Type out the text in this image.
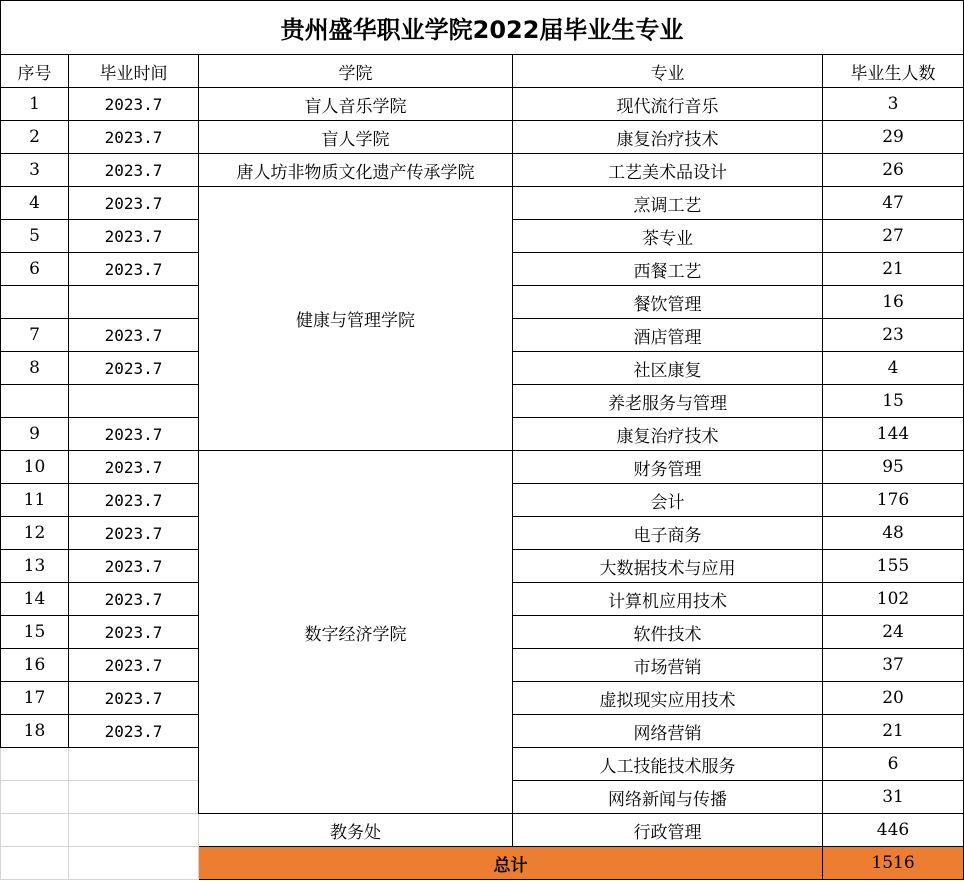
贵州盛华职业学院2022届毕业生专业				
序号	毕业时间	学院	专业	毕业生人数
1	2023.7	盲人音乐学院	现代流行音乐	3
2	2023.7	盲人学院	康复治疗技术	29
3	2023.7	唐人坊非物质文化遗产传承学院	工艺美术品设计	26
4	2023.7	健康与管理学院	烹调工艺	47
5	2023.7		茶专业	27
6	2023.7		西餐工艺	21
			餐饮管理	16
7	2023.7		酒店管理	23
8	2023.7		社区康复	4
			养老服务与管理	15
9	2023.7		康复治疗技术	144
10	2023.7	数字经济学院	财务管理	95
11	2023.7		会计	176
12	2023.7		电子商务	48
13	2023.7		大数据技术与应用	155
14	2023.7		计算机应用技术	102
15	2023.7		软件技术	24
16	2023.7		市场营销	37
17	2023.7		虚拟现实应用技术	20
18	2023.7		网络营销	21
			人工技能技术服务	6
			网络新闻与传播	31
		教务处	行政管理	446
		总计		1516
